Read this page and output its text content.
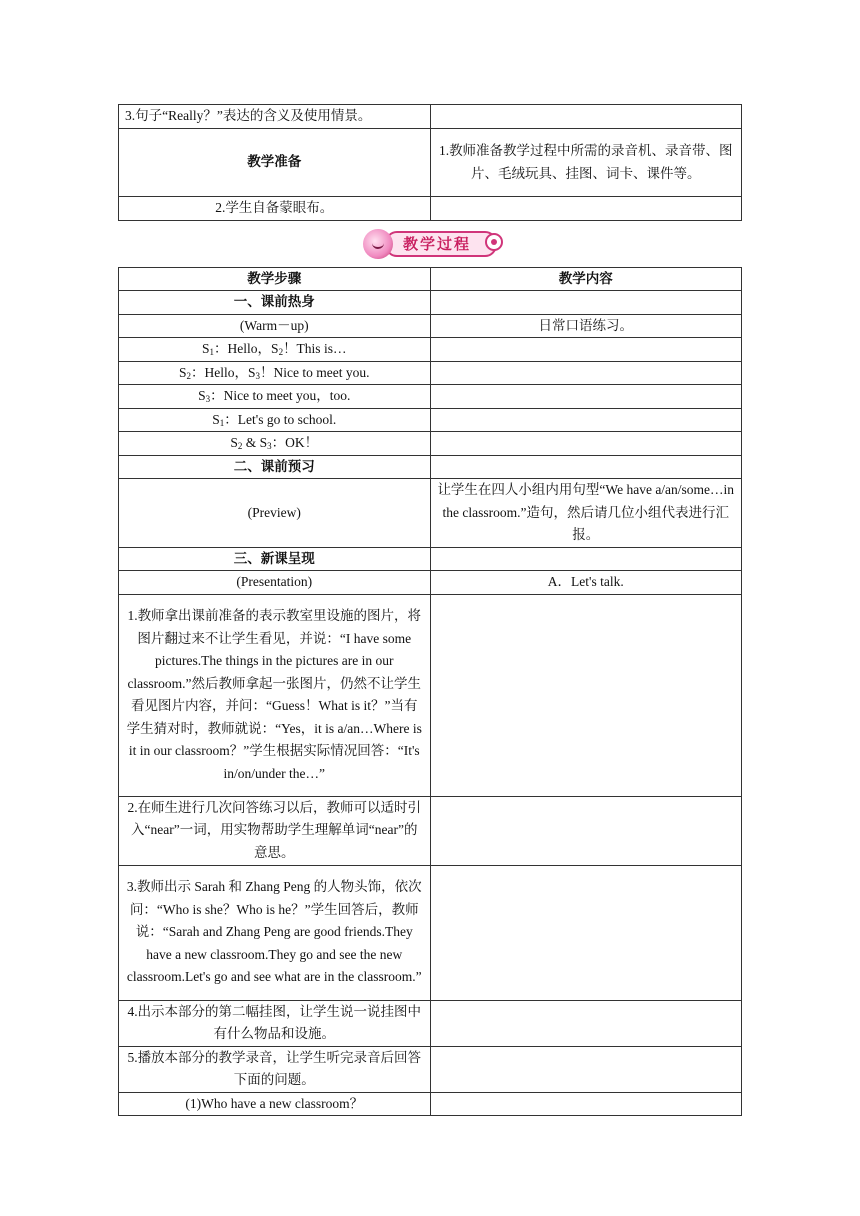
3.句子“Really？”表达的含义及使用情景。	
教学准备	1.教师准备教学过程中所需的录音机、录音带、图片、毛绒玩具、挂图、词卡、课件等。
2.学生自备蒙眼布。	
教学过程
教学步骤	教学内容
一、课前热身	
(Warm－up)	日常口语练习。
$S_1$：Hello，$S_2$！This is…	
$S_2$：Hello，$S_3$！Nice to meet you.	
$S_3$：Nice to meet you，too.	
$S_1$：Let's go to school.	
$S_2$ & $S_3$：OK！	
二、课前预习	
(Preview)	让学生在四人小组内用句型“We have a/an/some…in the classroom.”造句，然后请几位小组代表进行汇报。
三、新课呈现	
(Presentation)	A．Let's talk.
1.教师拿出课前准备的表示教室里设施的图片，将图片翻过来不让学生看见，并说：“I have some pictures.The things in the pictures are in our classroom.”然后教师拿起一张图片，仍然不让学生看见图片内容，并问：“Guess！What is it？”当有学生猜对时，教师就说：“Yes，it is a/an…Where is it in our classroom？”学生根据实际情况回答：“It's in/on/under the…”	
2.在师生进行几次问答练习以后，教师可以适时引入“near”一词，用实物帮助学生理解单词“near”的意思。	
3.教师出示 Sarah 和 Zhang Peng 的人物头饰，依次问：“Who is she？Who is he？”学生回答后，教师说：“Sarah and Zhang Peng are good friends.They have a new classroom.They go and see the new classroom.Let's go and see what are in the classroom.”	
4.出示本部分的第二幅挂图，让学生说一说挂图中有什么物品和设施。	
5.播放本部分的教学录音，让学生听完录音后回答下面的问题。	
(1)Who have a new classroom？	
